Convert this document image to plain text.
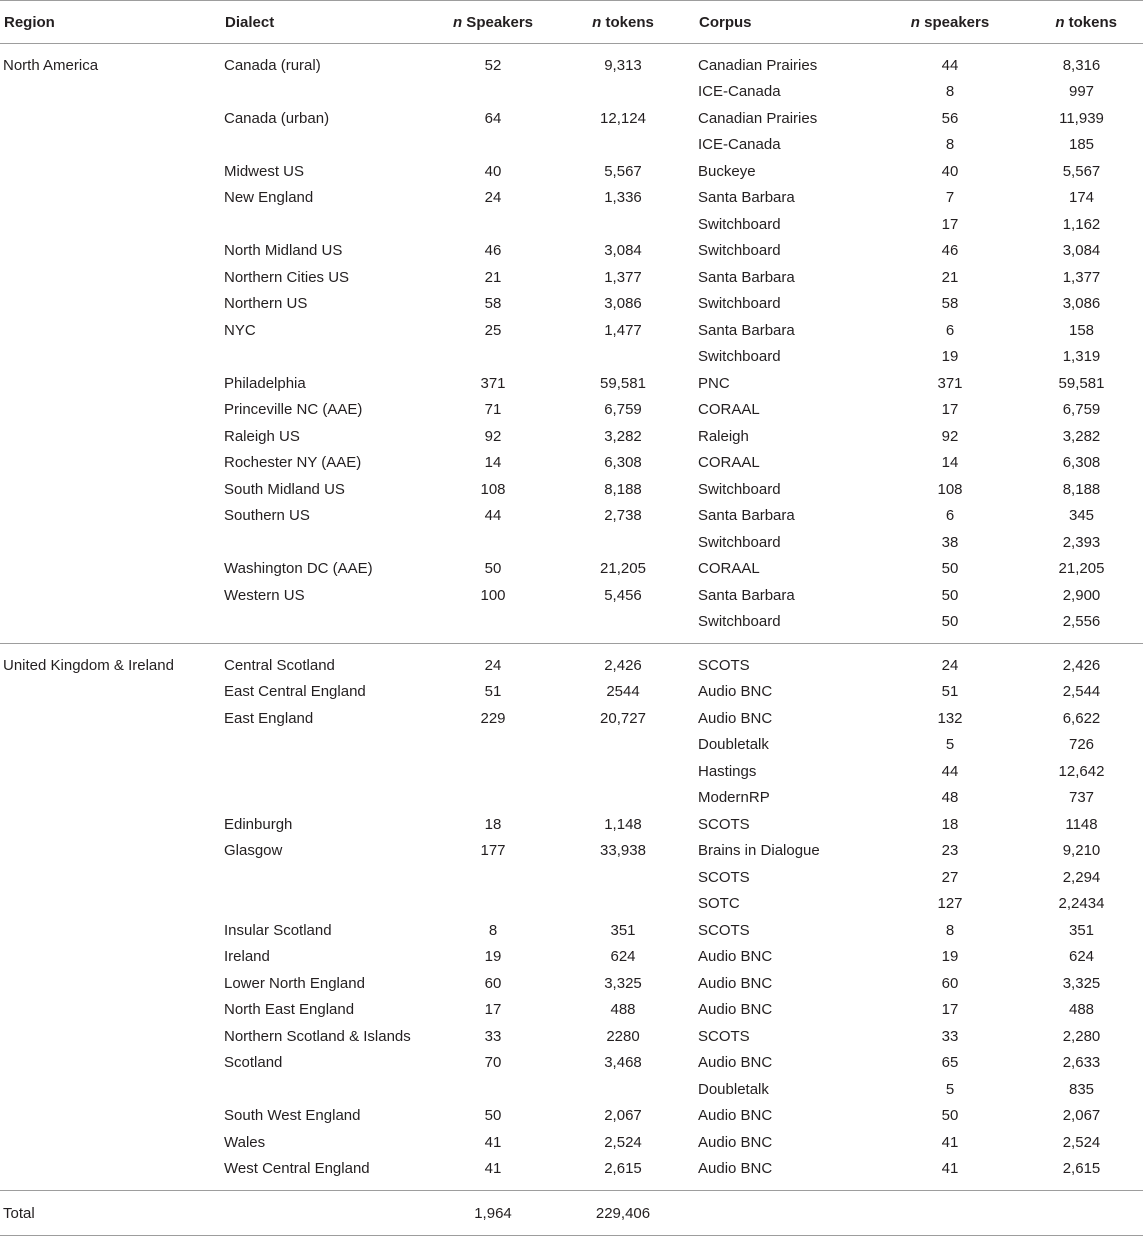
Region	Dialect	n Speakers	n tokens	Corpus	n speakers	n tokens
North America	Canada (rural)	52	9,313	Canadian Prairies	44	8,316
				ICE-Canada	8	997
	Canada (urban)	64	12,124	Canadian Prairies	56	11,939
				ICE-Canada	8	185
	Midwest US	40	5,567	Buckeye	40	5,567
	New England	24	1,336	Santa Barbara	7	174
				Switchboard	17	1,162
	North Midland US	46	3,084	Switchboard	46	3,084
	Northern Cities US	21	1,377	Santa Barbara	21	1,377
	Northern US	58	3,086	Switchboard	58	3,086
	NYC	25	1,477	Santa Barbara	6	158
				Switchboard	19	1,319
	Philadelphia	371	59,581	PNC	371	59,581
	Princeville NC (AAE)	71	6,759	CORAAL	17	6,759
	Raleigh US	92	3,282	Raleigh	92	3,282
	Rochester NY (AAE)	14	6,308	CORAAL	14	6,308
	South Midland US	108	8,188	Switchboard	108	8,188
	Southern US	44	2,738	Santa Barbara	6	345
				Switchboard	38	2,393
	Washington DC (AAE)	50	21,205	CORAAL	50	21,205
	Western US	100	5,456	Santa Barbara	50	2,900
				Switchboard	50	2,556
United Kingdom & Ireland	Central Scotland	24	2,426	SCOTS	24	2,426
	East Central England	51	2544	Audio BNC	51	2,544
	East England	229	20,727	Audio BNC	132	6,622
				Doubletalk	5	726
				Hastings	44	12,642
				ModernRP	48	737
	Edinburgh	18	1,148	SCOTS	18	1148
	Glasgow	177	33,938	Brains in Dialogue	23	9,210
				SCOTS	27	2,294
				SOTC	127	2,2434
	Insular Scotland	8	351	SCOTS	8	351
	Ireland	19	624	Audio BNC	19	624
	Lower North England	60	3,325	Audio BNC	60	3,325
	North East England	17	488	Audio BNC	17	488
	Northern Scotland & Islands	33	2280	SCOTS	33	2,280
	Scotland	70	3,468	Audio BNC	65	2,633
				Doubletalk	5	835
	South West England	50	2,067	Audio BNC	50	2,067
	Wales	41	2,524	Audio BNC	41	2,524
	West Central England	41	2,615	Audio BNC	41	2,615
Total		1,964	229,406			
